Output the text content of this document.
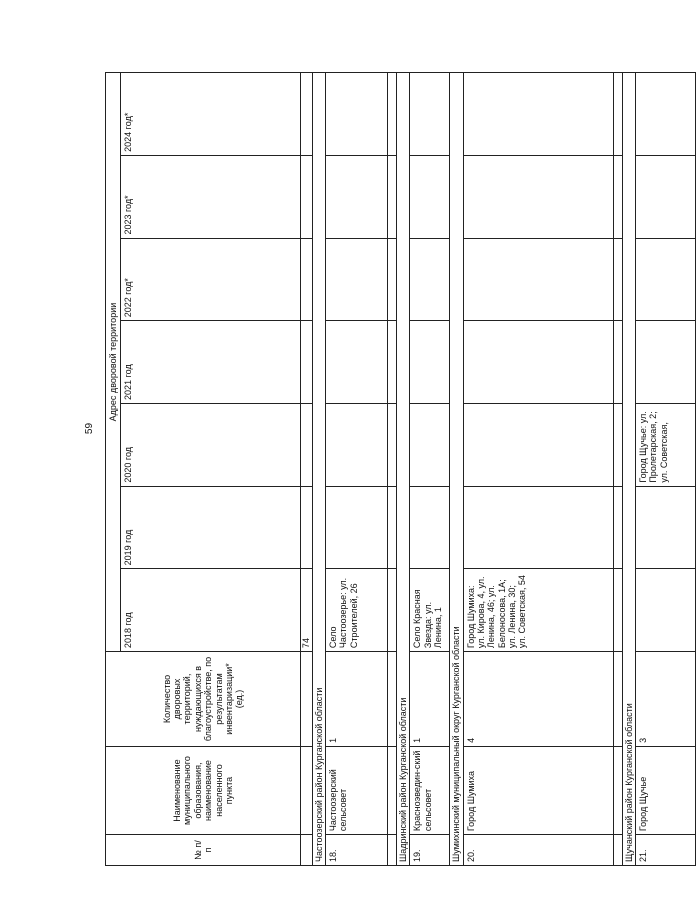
59
№ п/п	Наименование муниципального образования, наименование населенного пункта	Количество дворовых территорий, нуждающихся в благоустройстве, по результатам инвентаризации* (ед.)	Адрес дворовой территории						
			2018 год	2019 год	2020 год	2021 год	2022 год*	2023 год*	2024 год*
			74						
Частоозерский район Курганской области									
18.	Частоозерский сельсовет	1	Село Частоозерье: ул. Строителей, 26						

Шадринский район Курганской области									
19.	Красноэведин-ский сельсовет	1	Село Красная Звезда: ул. Ленина, 1						
Шумихинский муниципальный округ Курганской области									
20.	Город Шумиха	4	Город Шумиха: ул. Кирова, 4, ул. Ленина, 46; ул. Белоносова, 1А; ул. Ленина, 30; ул. Советская, 54						

Щучанский район Курганской области									
21.	Город Щучье	3			Город Щучье: ул. Пролетарская, 2; ул. Советская,				
